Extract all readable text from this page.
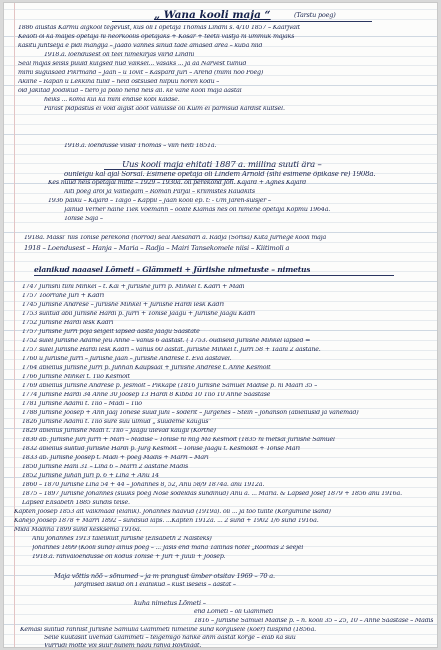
„ Wana kooli maja “	(Tarstu poeg)
1886 alustas Kärmu algkool tegevust, kus oli I õpetaja Thomas Lindni s. 4/10 1857 – Kaarjvalt
Keaoti ol ka maljes õpetaja ni neorkoolis õpetajaks + Kõsar + teetli vastja ni ümmuk majaks
käsitu juhtselja e pidi mängija – Jaado vannes sinud täde amased ärea – kuba niid
1918.a. lõendusest oli teel nimekirjas viirid Lindni
Seal majas seisis püüld külgsed nud vaiksel... vasaks ... ja aa Narvest tulnud
mimi suguisaed Pikrmänd – Jaan – ü Tövit – Kaspard Jüri – Arend (mimi nõõ Poeg)
Akilne – Rapan ü Lekkina tulid – neid ostsused hilpuu noren kodu –
õid Jakitad Joodikud – tiero ja põlio nend neis ail. ke vane kooli maja aastal
heiks ... koma kui ka mini endise kobi kaldse.
Pärast pidpastus ei void äigist aõõt väliuisse oli Külm ei pärmsud kardist kultsel.
1918.a. loendusse viisid Thomas – viin neiti 1851a.
Uus kooli maja ehitati 1887 a. millina suuti ära –
õunleigu kal ajal Sorsal. Esimene õpetaja oli Lindem Arnold (sihi esimene öpikase re) 1908a.
Kes nüüd neis õpetajal mitte – 1929 – 1930a. oli perekond Joh. Kajard + Agnes Kajard
Aiti poeg arol ja Vaitiegam – Roman Pärjal – kriimistes Raudkits
1936 paiku – Kajard – Taigo – Kappil – Jaan kooli ep. t: - Um Jaren-sulsjer –
Jäinud Verner naine Tiek Voemann – õõlde Klamas nes oli nimene õpetaja Kõpmu 1964a.
Tõnise Saja –
1918a. Massi' niis Tõnise perekond (norrod) seal Alesandri a. Radja (Sõrisa) Küta Jürnege kooli maja
1918 – Loendusest – Hanja – Maria – Radja – Mairi Tansekomele niisi – Kiitimoli a
elanikud naaasel Lõmeti – Glämmeti + Jüriishe nimetuste – nimetus
1747 Jüriishi tiini Mihkel – t. Kai + Jüriishe Jürri p. Mihkel t. Kadri + Madi
1757 Toorrahe Jüri + Kadri
1745 Jüriishe Andrese – Jüriishe Mihkel + Jüriishe Hardi lesk Kadri
1753 sulitud abil Jüriishe Hardi p. Jürri + Tõnise Jaagu + Jüriishe Jaagu Kadri
1752 Jüriishe Hardi lesk Kadri
1757 Jüriishe Jürri poja selgelt lapsed aasta Jaagu Saastate
1752 sulel Jüriishe Adame Jeu Anne – vanus 6 aastast. ( 1753. oudiseid Jüriishe Mihkel lapsed =
1757 sulel Jüriishe Hardi lesk Kadri – vanus 60 aastat. Jüriishe Mihkel t. Jürri 58 + Taani 2 aastane.
1760 ü Jüriishe Jürri – Jüriishe Jaan – Jüriishe Andrese t. Eva aastavel.
1764 abiellus Jüriishe Jürri p. Juhhan Kaupsaal + Jüriishe Andrese t. Anne Kesmolt
1766 Jüriishe Mihkel t. Tiio Kesmolt
1769 abiellus Jüriishe Andrese p. Jesmolt – Pikkape (1816 Jüriishe Samuel Madise p. ni Maari 35 –
1774 Jüriishe Hardi 34 Anne 30 Joosep 13 Hardi 8 Kibba 10 Tiio 10 Anne Saastase
1781 Jüriishe Adami t. Tiio – Madi – Tiio
1788 Jüriishe Joosep + Ann Jaaj Tõnese suud juhi – sõderit – Jürgenes – Stein – Johanson (abiellusid ja vanemad)
1826 Jüriishe Adami t. Tiio sure suu ulmud „ suudeme kaugus“
1829 abiellus Jüriishe Madi t. Tiio – Jaagu ülevad kaugil (Kõrthe)
1830 ab. Jüriishe Jüri Jürri + Mari – Madise – Tõnise ni niig Ma Kesmolt (1835 ni metsal Jüriishe Samuel
1832 abiellus sulitud Jüriishe Hardi p. Jürg Kesmolt – Tõnise Jaagu t. Kesmoldt + Tõnse Mari
1833 ab. Jüriishe Joosep t. Madi + poeg Madis + Marri – Mari
1850 Jüriishe Hani 31 – Lina 6 – Marri 2 aastane Madis
1852 Jüriishe Juhan Jüri p. 6 + Lina + Anu 14
1860 – 1870 Jüriishe Lina 54 + 44 – Johannes 8, 52, Anu 58/9 1874a. anu 1912a.
1875 – 1897 Jüriishe Johannes (suuks poeg Nose sõdeldas sündinud) Anu a. ... Maria. & Lapsed Josef 1879 + 1856 anu 1916a.
Lapsed Elisabeth 1885 sündis teise.
Kapten Joosep 1853 alt valkmaad (elanik). Johannes naavud (1919a). oli ... ja tõõ tulite (Kõrgumine isand)
Kahejo Joosep 1878 + Marri 1892 – sündsud laps. ...Kapten 1912a. ... 2 sünd + 1902 1/6 sünd 1916a.
Mida Madina 1899 sünd kesksema 1916a.
Anu Johannes 1913 täielikult Jüriishe (Elisabeth 2 Naisteks)
Johannes 1899 (Kooli sünd) ainus poeg – ... Jasis end maha Tallinas hotel „Roomas 2 seejel
1918.a. rahvaloendusse oli kõdus Tõnise + Jüri + Juuli + Joosep.
Maja võttis nõõ – sõnumed – ja m prangust ümber otsitav 1969 – 70 a.
Järgmised isikud on I elanikud – kust iseseis – aastat –
kuha nimetus Lõmeti –
end Lõmeti – oli Glämmeti
1816 – Jüriishe Samuel Madise p. – n. kooli 35 – 25, 10 – Anne Saastase – Madis
Kemasi sulitud rahnist Jüriishe Samulia Glämmeti nimeline sünd kõrgusele (koer) tuispind (1856a.
Selle kuutasiit uvemad Glämmeti – teigemigo nanke ähm aastat kõrge – elab ka süü
Vürrudi mõtte või suur huljem nagu rahva Rovtiigat.
